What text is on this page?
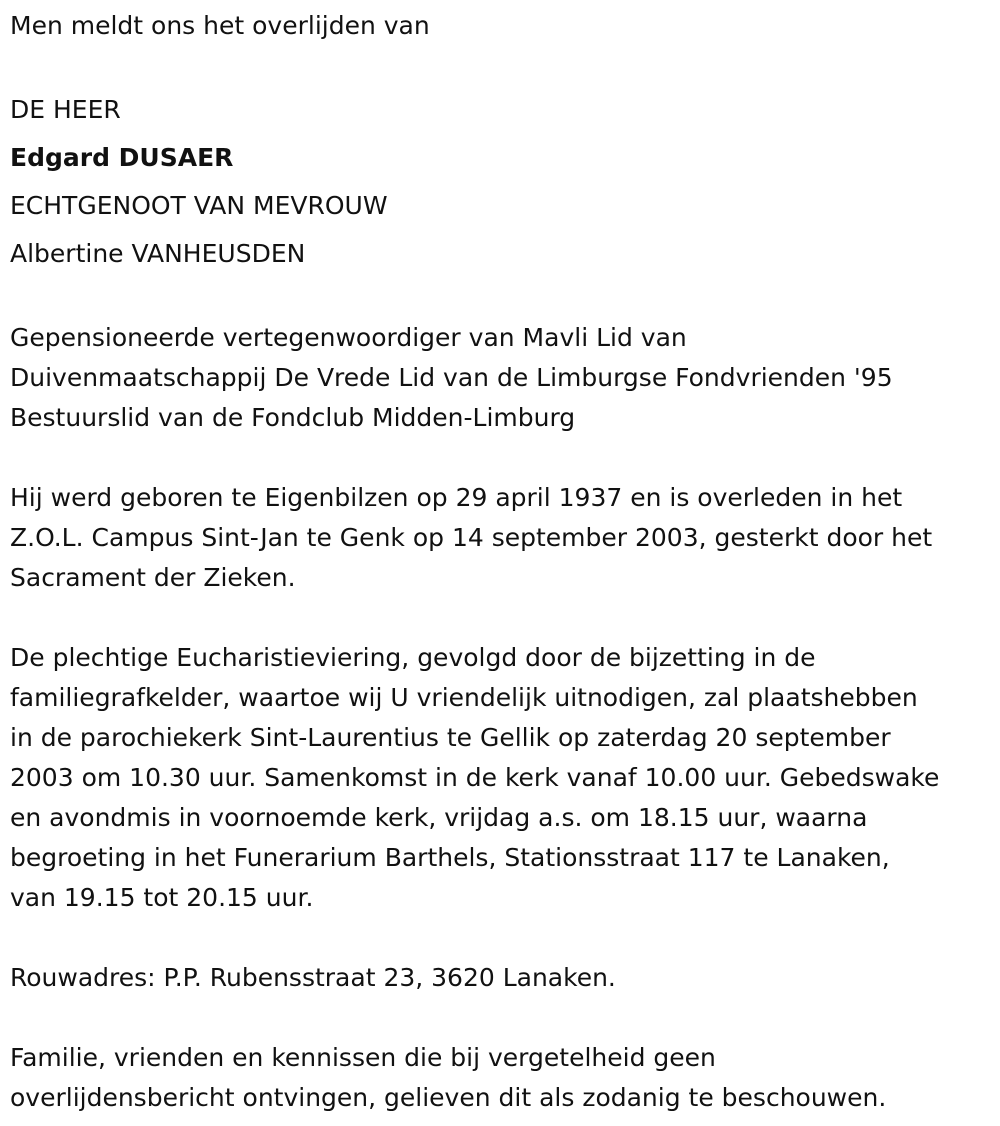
Men meldt ons het overlijden van
DE HEER
Edgard DUSAER
ECHTGENOOT VAN MEVROUW
Albertine VANHEUSDEN
Gepensioneerde vertegenwoordiger van Mavli Lid van
Duivenmaatschappij De Vrede Lid van de Limburgse Fondvrienden '95
Bestuurslid van de Fondclub Midden-Limburg
Hij werd geboren te Eigenbilzen op 29 april 1937 en is overleden in het
Z.O.L. Campus Sint-Jan te Genk op 14 september 2003, gesterkt door het
Sacrament der Zieken.
De plechtige Eucharistieviering, gevolgd door de bijzetting in de
familiegrafkelder, waartoe wij U vriendelijk uitnodigen, zal plaatshebben
in de parochiekerk Sint-Laurentius te Gellik op zaterdag 20 september
2003 om 10.30 uur. Samenkomst in de kerk vanaf 10.00 uur. Gebedswake
en avondmis in voornoemde kerk, vrijdag a.s. om 18.15 uur, waarna
begroeting in het Funerarium Barthels, Stationsstraat 117 te Lanaken,
van 19.15 tot 20.15 uur.
Rouwadres: P.P. Rubensstraat 23, 3620 Lanaken.
Familie, vrienden en kennissen die bij vergetelheid geen
overlijdensbericht ontvingen, gelieven dit als zodanig te beschouwen.
